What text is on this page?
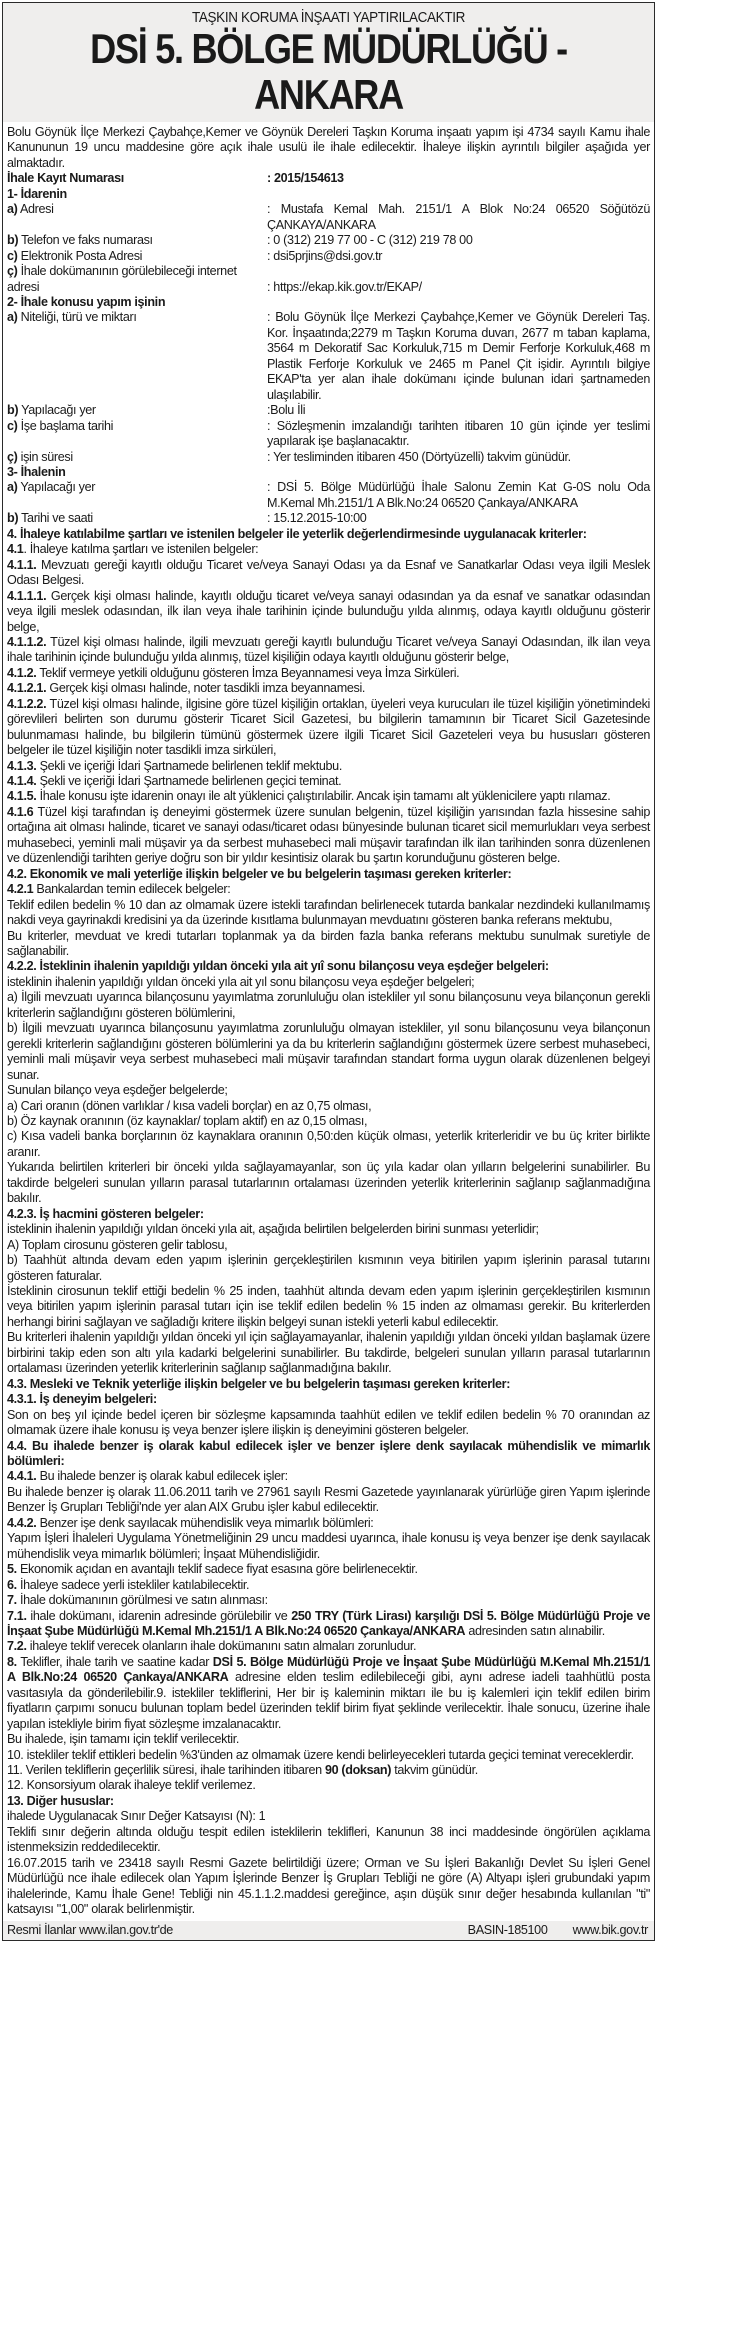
TAŞKIN KORUMA İNŞAATI YAPTIRILACAKTIR
DSİ 5. BÖLGE MÜDÜRLÜĞÜ - ANKARA

Bolu Göynük İlçe Merkezi Çaybahçe,Kemer ve Göynük Dereleri Taşkın Koruma inşaatı yapım işi 4734 sayılı Kamu ihale Kanununun 19 uncu maddesine göre açık ihale usulü ile ihale edilecektir. İhaleye ilişkin ayrıntılı bilgiler aşağıda yer almaktadır.

İhale Kayıt Numarası	: 2015/154613
1- İdarenin
a) Adresi	: Mustafa Kemal Mah. 2151/1 A Blok No:24 06520 Söğütözü ÇANKAYA/ANKARA
b) Telefon ve faks numarası	: 0 (312) 219 77 00 - C (312) 219 78 00
c) Elektronik Posta Adresi	: dsi5prjins@dsi.gov.tr
ç) İhale dokümanının görülebileceği internet adresi	: https://ekap.kik.gov.tr/EKAP/
2- İhale konusu yapım işinin
a) Niteliği, türü ve miktarı	: Bolu Göynük İlçe Merkezi Çaybahçe,Kemer ve Göynük Dereleri Taş. Kor. İnşaatında;2279 m Taşkın Koruma duvarı, 2677 m taban kaplama, 3564 m Dekoratif Sac Korkuluk,715 m Demir Ferforje Korkuluk,468 m Plastik Ferforje Korkuluk ve 2465 m Panel Çit işidir. Ayrıntılı bilgiye EKAP'ta yer alan ihale dokümanı içinde bulunan idari şartnameden ulaşılabilir.
b) Yapılacağı yer	:Bolu İli
c) İşe başlama tarihi	: Sözleşmenin imzalandığı tarihten itibaren 10 gün içinde yer teslimi yapılarak işe başlanacaktır.
ç) işin süresi	: Yer tesliminden itibaren 450 (Dörtyüzelli) takvim günüdür.
3- İhalenin
a) Yapılacağı yer	: DSİ 5. Bölge Müdürlüğü İhale Salonu Zemin Kat G-0S nolu Oda M.Kemal Mh.2151/1 A Blk.No:24 06520 Çankaya/ANKARA
b) Tarihi ve saati	: 15.12.2015-10:00

4. İhaleye katılabilme şartları ve istenilen belgeler ile yeterlik değerlendirmesinde uygulanacak kriterler:

4.1. İhaleye katılma şartları ve istenilen belgeler:

4.1.1. Mevzuatı gereği kayıtlı olduğu Ticaret ve/veya Sanayi Odası ya da Esnaf ve Sanatkarlar Odası veya ilgili Meslek Odası Belgesi.

4.1.1.1. Gerçek kişi olması halinde, kayıtlı olduğu ticaret ve/veya sanayi odasından ya da esnaf ve sanatkar odasından veya ilgili meslek odasından, ilk ilan veya ihale tarihinin içinde bulunduğu yılda alınmış, odaya kayıtlı olduğunu gösterir belge,

4.1.1.2. Tüzel kişi olması halinde, ilgili mevzuatı gereği kayıtlı bulunduğu Ticaret ve/veya Sanayi Odasından, ilk ilan veya ihale tarihinin içinde bulunduğu yılda alınmış, tüzel kişiliğin odaya kayıtlı olduğunu gösterir belge,

4.1.2. Teklif vermeye yetkili olduğunu gösteren İmza Beyannamesi veya İmza Sirküleri.

4.1.2.1. Gerçek kişi olması halinde, noter tasdikli imza beyannamesi.

4.1.2.2. Tüzel kişi olması halinde, ilgisine göre tüzel kişiliğin ortaklan, üyeleri veya kurucuları ile tüzel kişiliğin yönetimindeki görevlileri belirten son durumu gösterir Ticaret Sicil Gazetesi, bu bilgilerin tamamının bir Ticaret Sicil Gazetesinde bulunmaması halinde, bu bilgilerin tümünü göstermek üzere ilgili Ticaret Sicil Gazeteleri veya bu hususları gösteren belgeler ile tüzel kişiliğin noter tasdikli imza sirküleri,

4.1.3. Şekli ve içeriği İdari Şartnamede belirlenen teklif mektubu.

4.1.4. Şekli ve içeriği İdari Şartnamede belirlenen geçici teminat.

4.1.5. İhale konusu işte idarenin onayı ile alt yüklenici çalıştırılabilir. Ancak işin tamamı alt yüklenicilere yaptı rılamaz.

4.1.6 Tüzel kişi tarafından iş deneyimi göstermek üzere sunulan belgenin, tüzel kişiliğin yarısından fazla hissesine sahip ortağına ait olması halinde, ticaret ve sanayi odası/ticaret odası bünyesinde bulunan ticaret sicil memurlukları veya serbest muhasebeci, yeminli mali müşavir ya da serbest muhasebeci mali müşavir tarafından ilk ilan tarihinden sonra düzenlenen ve düzenlendiği tarihten geriye doğru son bir yıldır kesintisiz olarak bu şartın korunduğunu gösteren belge.

4.2. Ekonomik ve mali yeterliğe ilişkin belgeler ve bu belgelerin taşıması gereken kriterler:

4.2.1 Bankalardan temin edilecek belgeler:

Teklif edilen bedelin % 10 dan az olmamak üzere istekli tarafından belirlenecek tutarda bankalar nezdindeki kullanılmamış nakdi veya gayrinakdi kredisini ya da üzerinde kısıtlama bulunmayan mevduatını gösteren banka referans mektubu,

Bu kriterler, mevduat ve kredi tutarları toplanmak ya da birden fazla banka referans mektubu sunulmak suretiyle de sağlanabilir.

4.2.2. İsteklinin ihalenin yapıldığı yıldan önceki yıla ait yıî sonu bilançosu veya eşdeğer belgeleri:

isteklinin ihalenin yapıldığı yıldan önceki yıla ait yıl sonu bilançosu veya eşdeğer belgeleri;

a) İlgili mevzuatı uyarınca bilançosunu yayımlatma zorunluluğu olan istekliler yıl sonu bilançosunu veya bilançonun gerekli kriterlerin sağlandığını gösteren bölümlerini,

b) İlgili mevzuatı uyarınca bilançosunu yayımlatma zorunluluğu olmayan istekliler, yıl sonu bilançosunu veya bilançonun gerekli kriterlerin sağlandığını gösteren bölümlerini ya da bu kriterlerin sağlandığını göstermek üzere serbest muhasebeci, yeminli mali müşavir veya serbest muhasebeci mali müşavir tarafından standart forma uygun olarak düzenlenen belgeyi sunar.

Sunulan bilanço veya eşdeğer belgelerde;

a) Cari oranın (dönen varlıklar / kısa vadeli borçlar) en az 0,75 olması,

b) Öz kaynak oranının (öz kaynaklar/ toplam aktif) en az 0,15 olması,

c) Kısa vadeli banka borçlarının öz kaynaklara oranının 0,50:den küçük olması, yeterlik kriterleridir ve bu üç kriter birlikte aranır.

Yukarıda belirtilen kriterleri bir önceki yılda sağlayamayanlar, son üç yıla kadar olan yılların belgelerini sunabilirler. Bu takdirde belgeleri sunulan yılların parasal tutarlarının ortalaması üzerinden yeterlik kriterlerinin sağlanıp sağlanmadığına bakılır.

4.2.3. İş hacmini gösteren belgeler:

isteklinin ihalenin yapıldığı yıldan önceki yıla ait, aşağıda belirtilen belgelerden birini sunması yeterlidir;

A) Toplam cirosunu gösteren gelir tablosu,

b) Taahhüt altında devam eden yapım işlerinin gerçekleştirilen kısmının veya bitirilen yapım işlerinin parasal tutarını gösteren faturalar.

İsteklinin cirosunun teklif ettiği bedelin % 25 inden, taahhüt altında devam eden yapım işlerinin gerçekleştirilen kısmının veya bitirilen yapım işlerinin parasal tutarı için ise teklif edilen bedelin % 15 inden az olmaması gerekir. Bu kriterlerden herhangi birini sağlayan ve sağladığı kritere ilişkin belgeyi sunan istekli yeterli kabul edilecektir.

Bu kriterleri ihalenin yapıldığı yıldan önceki yıl için sağlayamayanlar, ihalenin yapıldığı yıldan önceki yıldan başlamak üzere birbirini takip eden son altı yıla kadarki belgelerini sunabilirler. Bu takdirde, belgeleri sunulan yılların parasal tutarlarının ortalaması üzerinden yeterlik kriterlerinin sağlanıp sağlanmadığına bakılır.

4.3. Mesleki ve Teknik yeterliğe ilişkin belgeler ve bu belgelerin taşıması gereken kriterler:

4.3.1. İş deneyim belgeleri:

Son on beş yıl içinde bedel içeren bir sözleşme kapsamında taahhüt edilen ve teklif edilen bedelin % 70 oranından az olmamak üzere ihale konusu iş veya benzer işlere ilişkin iş deneyimini gösteren belgeler.

4.4. Bu ihalede benzer iş olarak kabul edilecek işler ve benzer işlere denk sayılacak mühendislik ve mimarlık bölümleri:

4.4.1. Bu ihalede benzer iş olarak kabul edilecek işler:

Bu ihalede benzer iş olarak 11.06.2011 tarih ve 27961 sayılı Resmi Gazetede yayınlanarak yürürlüğe giren Yapım işlerinde Benzer İş Grupları Tebliği'nde yer alan AIX Grubu işler kabul edilecektir.

4.4.2. Benzer işe denk sayılacak mühendislik veya mimarlık bölümleri:

Yapım İşleri İhaleleri Uygulama Yönetmeliğinin 29 uncu maddesi uyarınca, ihale konusu iş veya benzer işe denk sayılacak mühendislik veya mimarlık bölümleri; İnşaat Mühendisliğidir.

5. Ekonomik açıdan en avantajlı teklif sadece fiyat esasına göre belirlenecektir.

6. İhaleye sadece yerli istekliler katılabilecektir.

7. İhale dokümanının görülmesi ve satın alınması:

7.1. ihale dokümanı, idarenin adresinde görülebilir ve 250 TRY (Türk Lirası) karşılığı DSİ 5. Bölge Müdürlüğü Proje ve İnşaat Şube Müdürlüğü M.Kemal Mh.2151/1 A Blk.No:24 06520 Çankaya/ANKARA adresinden satın alınabilir.

7.2. ihaleye teklif verecek olanların ihale dokümanını satın almaları zorunludur.

8. Teklifler, ihale tarih ve saatine kadar DSİ 5. Bölge Müdürlüğü Proje ve İnşaat Şube Müdürlüğü M.Kemal Mh.2151/1 A Blk.No:24 06520 Çankaya/ANKARA adresine elden teslim edilebileceği gibi, aynı adrese iadeli taahhütlü posta vasıtasıyla da gönderilebilir.9. istekliler tekliflerini, Her bir iş kaleminin miktarı ile bu iş kalemleri için teklif edilen birim fiyatların çarpımı sonucu bulunan toplam bedel üzerinden teklif birim fiyat şeklinde verilecektir. İhale sonucu, üzerine ihale yapılan istekliyle birim fiyat sözleşme imzalanacaktır.

Bu ihalede, işin tamamı için teklif verilecektir.

10. istekliler teklif ettikleri bedelin %3'ünden az olmamak üzere kendi belirleyecekleri tutarda geçici teminat vereceklerdir.

11. Verilen tekliflerin geçerlilik süresi, ihale tarihinden itibaren 90 (doksan) takvim günüdür.

12. Konsorsiyum olarak ihaleye teklif verilemez.

13. Diğer hususlar:

ihalede Uygulanacak Sınır Değer Katsayısı (N): 1

Teklifi sınır değerin altında olduğu tespit edilen isteklilerin teklifleri, Kanunun 38 inci maddesinde öngörülen açıklama istenmeksizin reddedilecektir.

16.07.2015 tarih ve 23418 sayılı Resmi Gazete belirtildiği üzere; Orman ve Su İşleri Bakanlığı Devlet Su İşleri Genel Müdürlüğü nce ihale edilecek olan Yapım İşlerinde Benzer İş Grupları Tebliği ne göre (A) Altyapı işleri grubundaki yapım ihalelerinde, Kamu İhale Gene! Tebliği nin 45.1.1.2.maddesi gereğince, aşın düşük sınır değer hesabında kullanılan "ti" katsayısı "1,00" olarak belirlenmiştir.

Resmi İlanlar www.ilan.gov.tr'de	BASIN-185100 www.bik.gov.tr
